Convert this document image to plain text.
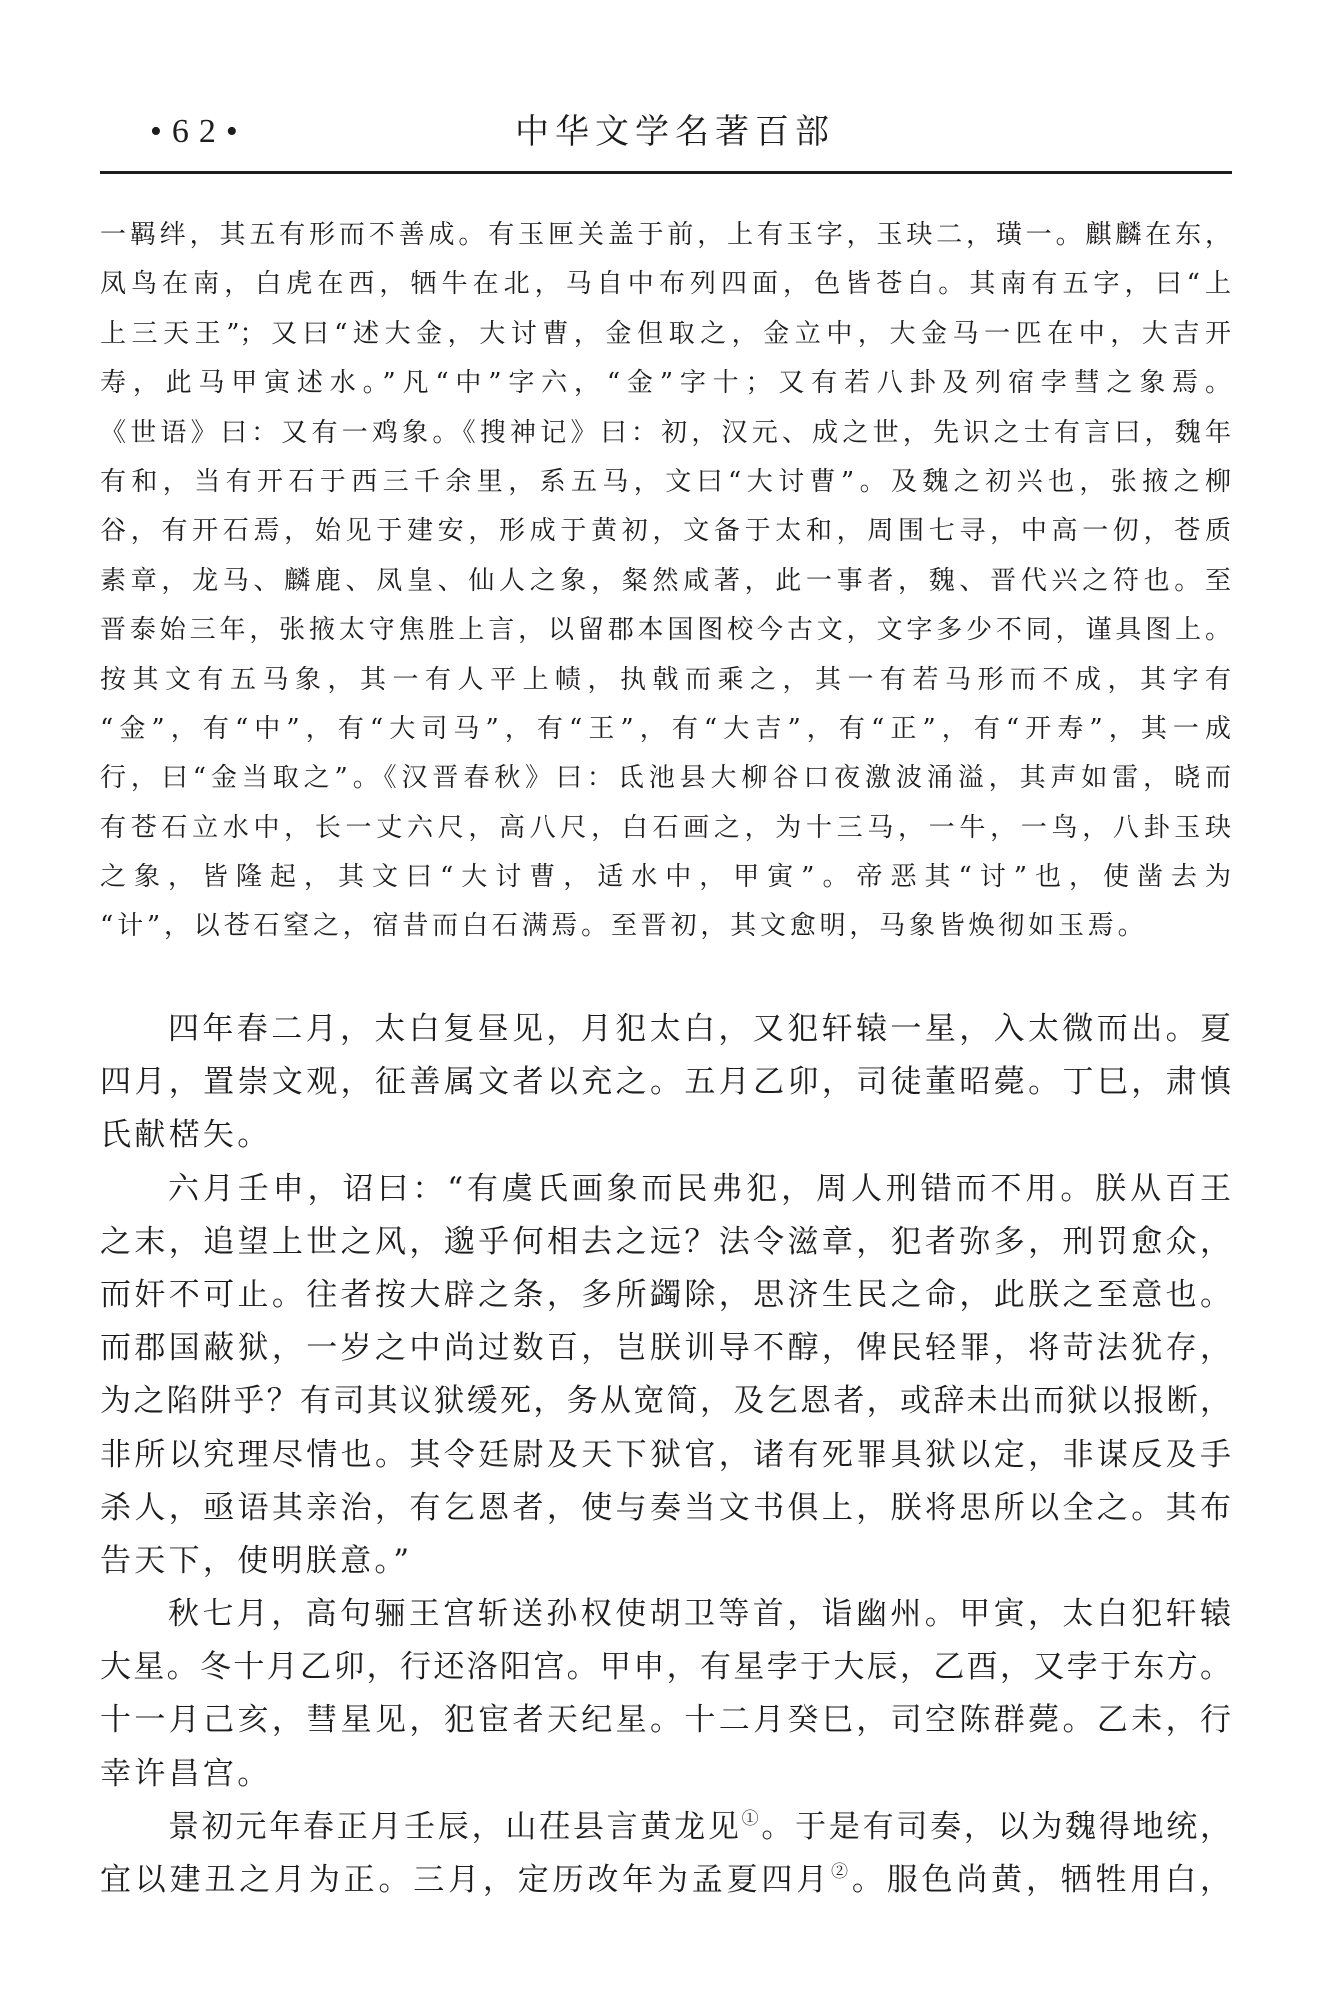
•62•	中华文学名著百部
一羁绊，其五有形而不善成。有玉匣关盖于前，上有玉字，玉玦二，璜一。麒麟在东，
凤鸟在南，白虎在西，牺牛在北，马自中布列四面，色皆苍白。其南有五字，曰“上
上三天王”；又曰“述大金，大讨曹，金但取之，金立中，大金马一匹在中，大吉开
寿，此马甲寅述水。”凡“中”字六，“金”字十；又有若八卦及列宿孛彗之象焉。
《世语》曰：又有一鸡象。《搜神记》曰：初，汉元、成之世，先识之士有言曰，魏年
有和，当有开石于西三千余里，系五马，文曰“大讨曹”。及魏之初兴也，张掖之柳
谷，有开石焉，始见于建安，形成于黄初，文备于太和，周围七寻，中高一仞，苍质
素章，龙马、麟鹿、凤皇、仙人之象，粲然咸著，此一事者，魏、晋代兴之符也。至
晋泰始三年，张掖太守焦胜上言，以留郡本国图校今古文，文字多少不同，谨具图上。
按其文有五马象，其一有人平上帻，执戟而乘之，其一有若马形而不成，其字有
“金”，有“中”，有“大司马”，有“王”，有“大吉”，有“正”，有“开寿”，其一成
行，曰“金当取之”。《汉晋春秋》曰：氐池县大柳谷口夜激波涌溢，其声如雷，晓而
有苍石立水中，长一丈六尺，高八尺，白石画之，为十三马，一牛，一鸟，八卦玉玦
之象，皆隆起，其文曰“大讨曹，适水中，甲寅”。帝恶其“讨”也，使凿去为
“计”，以苍石窒之，宿昔而白石满焉。至晋初，其文愈明，马象皆焕彻如玉焉。
四年春二月，太白复昼见，月犯太白，又犯轩辕一星，入太微而出。夏
四月，置崇文观，征善属文者以充之。五月乙卯，司徒董昭薨。丁巳，肃慎
氏献楛矢。
六月壬申，诏曰：“有虞氏画象而民弗犯，周人刑错而不用。朕从百王
之末，追望上世之风，邈乎何相去之远？法令滋章，犯者弥多，刑罚愈众，
而奸不可止。往者按大辟之条，多所蠲除，思济生民之命，此朕之至意也。
而郡国蔽狱，一岁之中尚过数百，岂朕训导不醇，俾民轻罪，将苛法犹存，
为之陷阱乎？有司其议狱缓死，务从宽简，及乞恩者，或辞未出而狱以报断，
非所以究理尽情也。其令廷尉及天下狱官，诸有死罪具狱以定，非谋反及手
杀人，亟语其亲治，有乞恩者，使与奏当文书俱上，朕将思所以全之。其布
告天下，使明朕意。”
秋七月，高句骊王宫斩送孙权使胡卫等首，诣幽州。甲寅，太白犯轩辕
大星。冬十月乙卯，行还洛阳宫。甲申，有星孛于大辰，乙酉，又孛于东方。
十一月己亥，彗星见，犯宦者天纪星。十二月癸巳，司空陈群薨。乙未，行
幸许昌宫。
景初元年春正月壬辰，山茌县言黄龙见①。于是有司奏，以为魏得地统，
宜以建丑之月为正。三月，定历改年为孟夏四月②。服色尚黄，牺牲用白，
